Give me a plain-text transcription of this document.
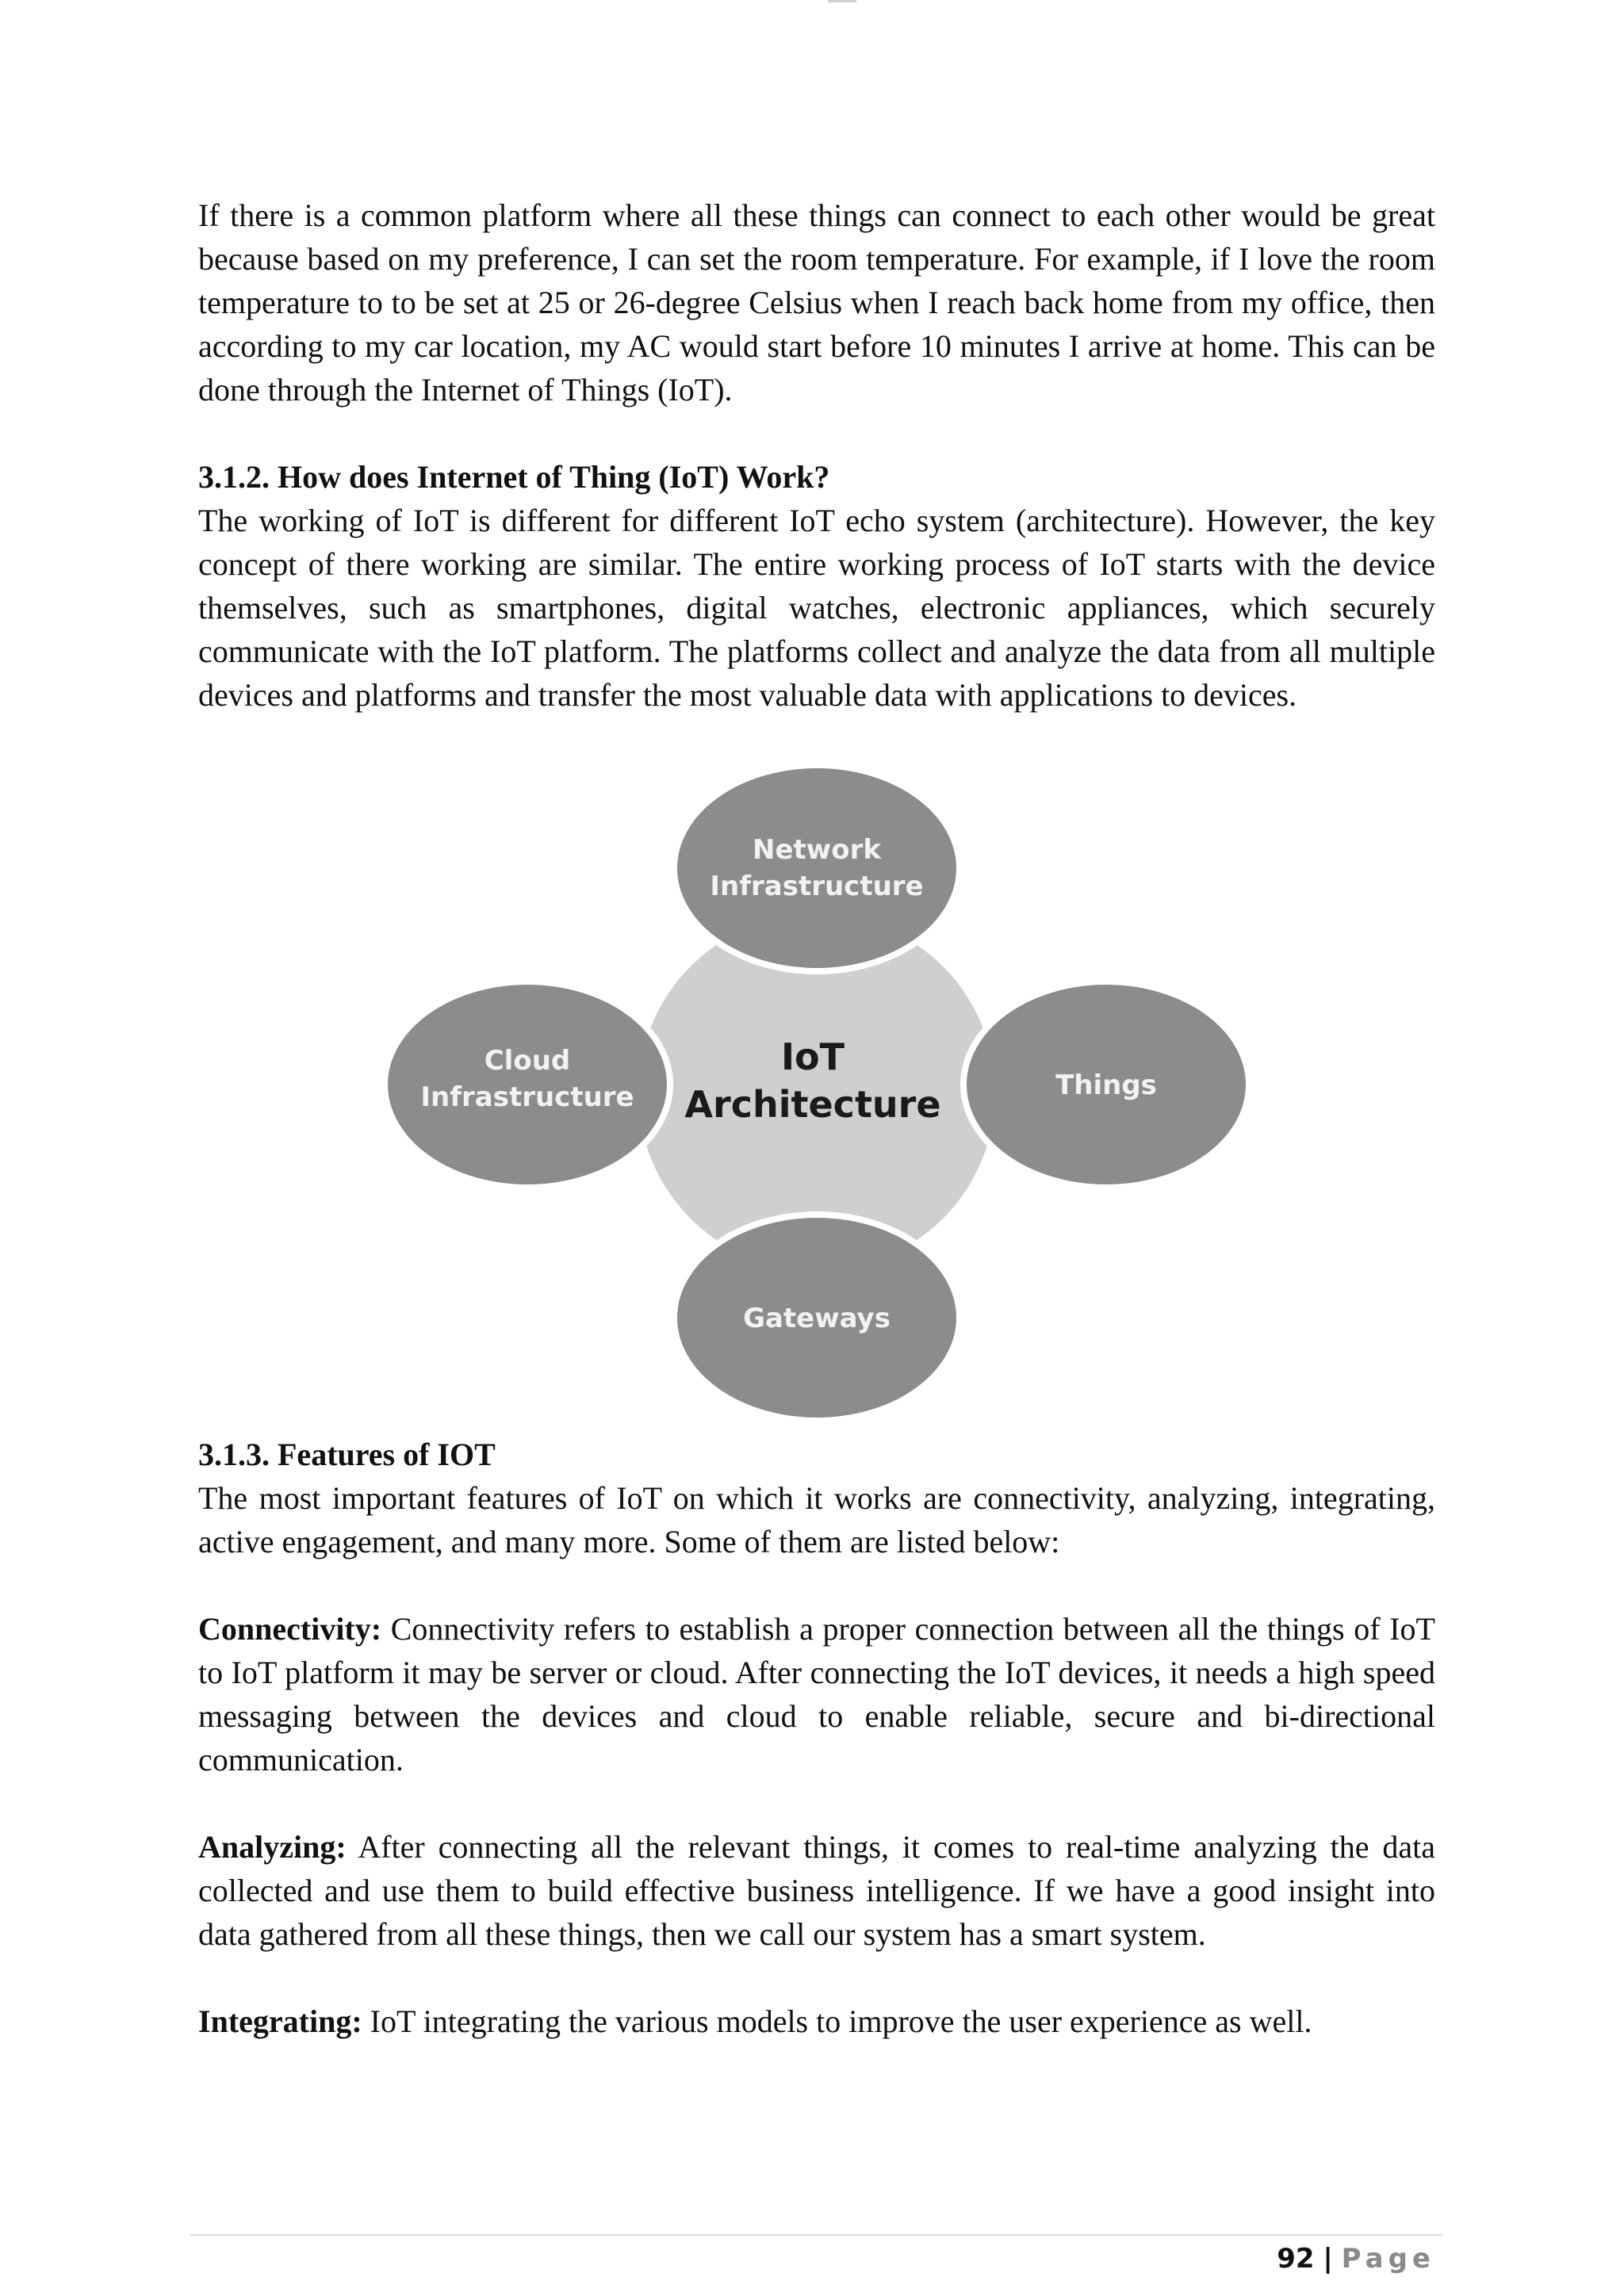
If there is a common platform where all these things can connect to each other would be great because based on my preference, I can set the room temperature. For example, if I love the room temperature to to be set at 25 or 26-degree Celsius when I reach back home from my office, then according to my car location, my AC would start before 10 minutes I arrive at home. This can be done through the Internet of Things (IoT).

3.1.2. How does Internet of Thing (IoT) Work?

The working of IoT is different for different IoT echo system (architecture). However, the key concept of there working are similar. The entire working process of IoT starts with the device themselves, such as smartphones, digital watches, electronic appliances, which securely communicate with the IoT platform. The platforms collect and analyze the data from all multiple devices and platforms and transfer the most valuable data with applications to devices.

Network
Infrastructure
Cloud
Infrastructure	Things
Gateways
IoT
Architecture
3.1.3. Features of IOT

The most important features of IoT on which it works are connectivity, analyzing, integrating, active engagement, and many more. Some of them are listed below:

Connectivity: Connectivity refers to establish a proper connection between all the things of IoT to IoT platform it may be server or cloud. After connecting the IoT devices, it needs a high speed messaging between the devices and cloud to enable reliable, secure and bi-directional communication.

Analyzing: After connecting all the relevant things, it comes to real-time analyzing the data collected and use them to build effective business intelligence. If we have a good insight into data gathered from all these things, then we call our system has a smart system.

Integrating: IoT integrating the various models to improve the user experience as well.

92 | Page
